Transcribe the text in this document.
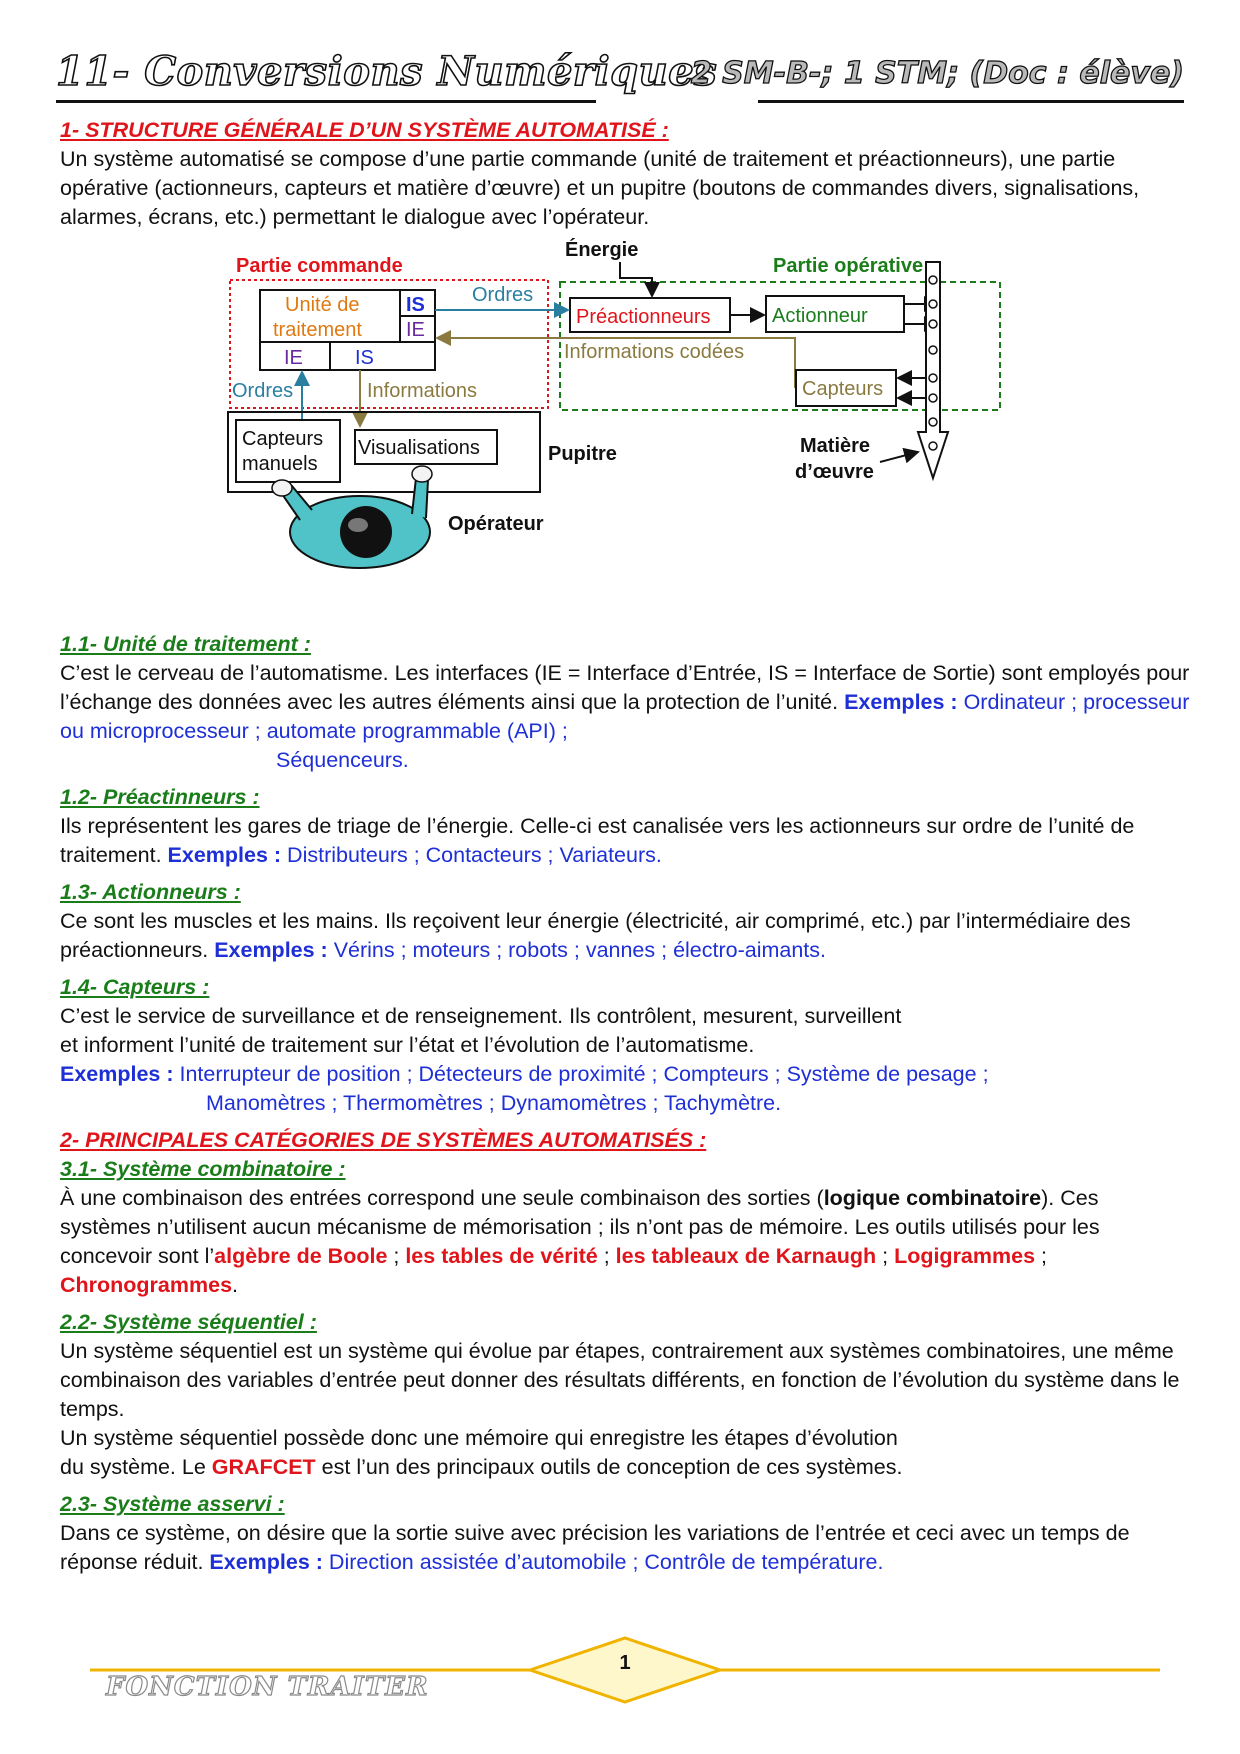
11- Conversions Numériques
2 SM-B-; 1 STM; (Doc : élève)

1- STRUCTURE GÉNÉRALE D’UN SYSTÈME AUTOMATISÉ :

Un système automatisé se compose d’une partie commande (unité de traitement et préactionneurs), une partie opérative (actionneurs, capteurs et matière d’œuvre) et un pupitre (boutons de commandes divers, signalisations, alarmes, écrans, etc.) permettant le dialogue avec l’opérateur.

Partie commande
Unité de
traitement
IS
IE
IE	IS
Partie opérative
Énergie
Préactionneurs
Ordres
Actionneur
Informations codées
Capteurs
Matière
d’œuvre
Ordres	Informations
Pupitre
Capteurs
manuels
Visualisations
Opérateur

1.1- Unité de traitement :

C’est le cerveau de l’automatisme. Les interfaces (IE = Interface d’Entrée, IS = Interface de Sortie) sont employés pour l’échange des données avec les autres éléments ainsi que la protection de l’unité. Exemples : Ordinateur ; processeur ou microprocesseur ; automate programmable (API) ;

Séquenceurs.

1.2- Préactinneurs :

Ils représentent les gares de triage de l’énergie. Celle-ci est canalisée vers les actionneurs sur ordre de l’unité de traitement. Exemples : Distributeurs ; Contacteurs ; Variateurs.

1.3- Actionneurs :

Ce sont les muscles et les mains. Ils reçoivent leur énergie (électricité, air comprimé, etc.) par l’intermédiaire des préactionneurs. Exemples : Vérins ; moteurs ; robots ; vannes ; électro-aimants.

1.4- Capteurs :

C’est le service de surveillance et de renseignement. Ils contrôlent, mesurent, surveillent

et informent l’unité de traitement sur l’état et l’évolution de l’automatisme.

Exemples : Interrupteur de position ; Détecteurs de proximité ; Compteurs ; Système de pesage ;

Manomètres ; Thermomètres ; Dynamomètres ; Tachymètre.

2- PRINCIPALES CATÉGORIES DE SYSTÈMES AUTOMATISÉS :

3.1- Système combinatoire :

À une combinaison des entrées correspond une seule combinaison des sorties (logique combinatoire). Ces systèmes n’utilisent aucun mécanisme de mémorisation ; ils n’ont pas de mémoire. Les outils utilisés pour les concevoir sont l’algèbre de Boole ; les tables de vérité ; les tableaux de Karnaugh ; Logigrammes ; Chronogrammes.

2.2- Système séquentiel :

Un système séquentiel est un système qui évolue par étapes, contrairement aux systèmes combinatoires, une même combinaison des variables d’entrée peut donner des résultats différents, en fonction de l’évolution du système dans le temps.

Un système séquentiel possède donc une mémoire qui enregistre les étapes d’évolution

du système. Le GRAFCET est l’un des principaux outils de conception de ces systèmes.

2.3- Système asservi :

Dans ce système, on désire que la sortie suive avec précision les variations de l’entrée et ceci avec un temps de réponse réduit. Exemples : Direction assistée d’automobile ; Contrôle de température.

1
FONCTION TRAITER
